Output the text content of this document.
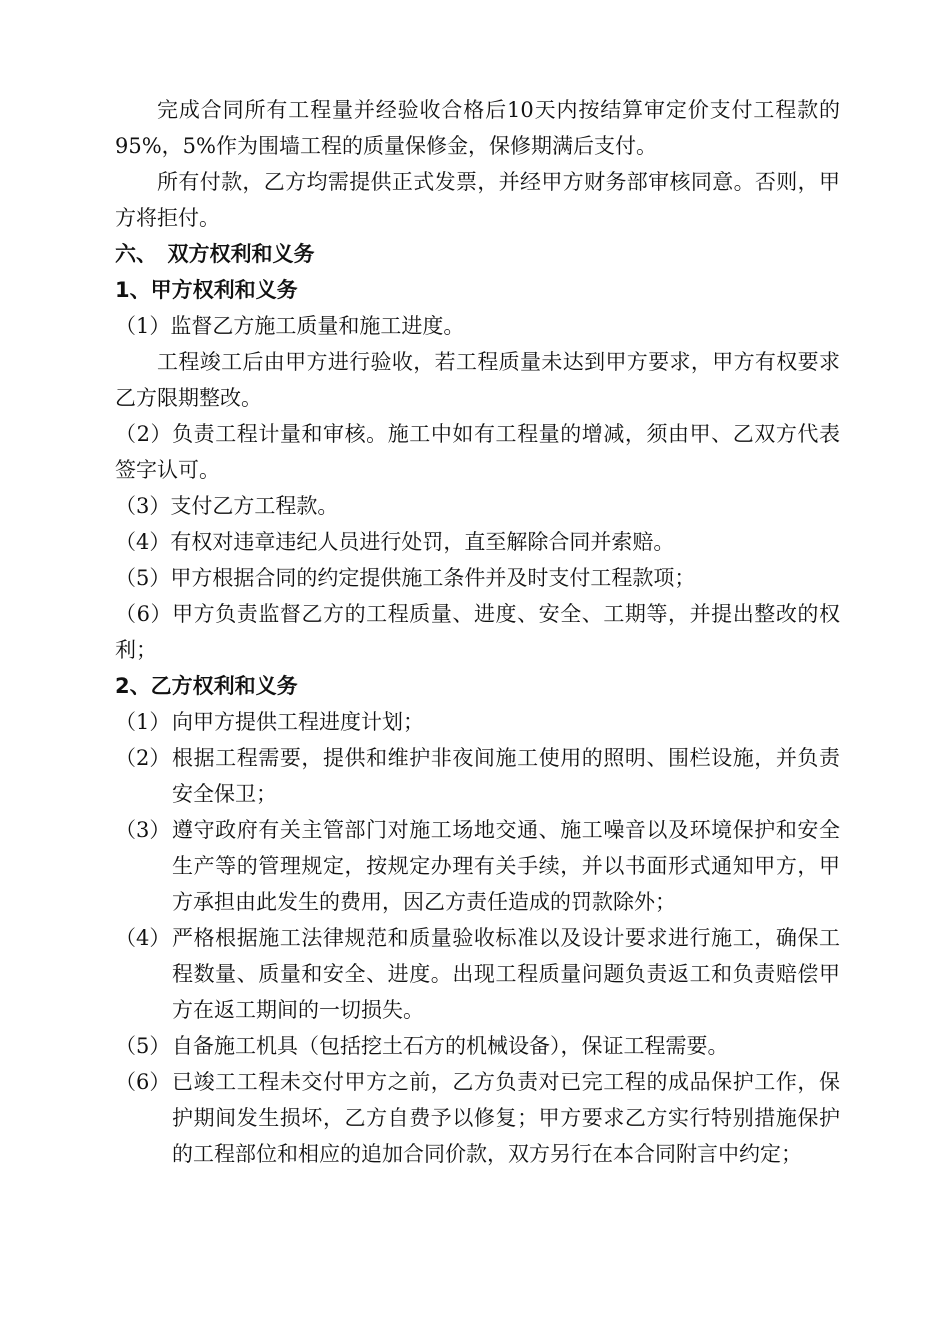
完成合同所有工程量并经验收合格后10天内按结算审定价支付工程款的95%，5%作为围墙工程的质量保修金，保修期满后支付。

所有付款，乙方均需提供正式发票，并经甲方财务部审核同意。否则，甲方将拒付。

六、　双方权利和义务

1、甲方权利和义务

（1）监督乙方施工质量和施工进度。

工程竣工后由甲方进行验收，若工程质量未达到甲方要求，甲方有权要求乙方限期整改。

（2）负责工程计量和审核。施工中如有工程量的增减，须由甲、乙双方代表签字认可。
（3）支付乙方工程款。
（4）有权对违章违纪人员进行处罚，直至解除合同并索赔。
（5）甲方根据合同的约定提供施工条件并及时支付工程款项；
（6）甲方负责监督乙方的工程质量、进度、安全、工期等，并提出整改的权利；

2、乙方权利和义务

（1） 向甲方提供工程进度计划；
（2） 根据工程需要，提供和维护非夜间施工使用的照明、围栏设施，并负责安全保卫；
（3） 遵守政府有关主管部门对施工场地交通、施工噪音以及环境保护和安全生产等的管理规定，按规定办理有关手续，并以书面形式通知甲方，甲方承担由此发生的费用，因乙方责任造成的罚款除外；
（4） 严格根据施工法律规范和质量验收标准以及设计要求进行施工，确保工程数量、质量和安全、进度。出现工程质量问题负责返工和负责赔偿甲方在返工期间的一切损失。
（5） 自备施工机具（包括挖土石方的机械设备），保证工程需要。
（6） 已竣工工程未交付甲方之前，乙方负责对已完工程的成品保护工作，保护期间发生损坏，乙方自费予以修复；甲方要求乙方实行特别措施保护的工程部位和相应的追加合同价款，双方另行在本合同附言中约定；
